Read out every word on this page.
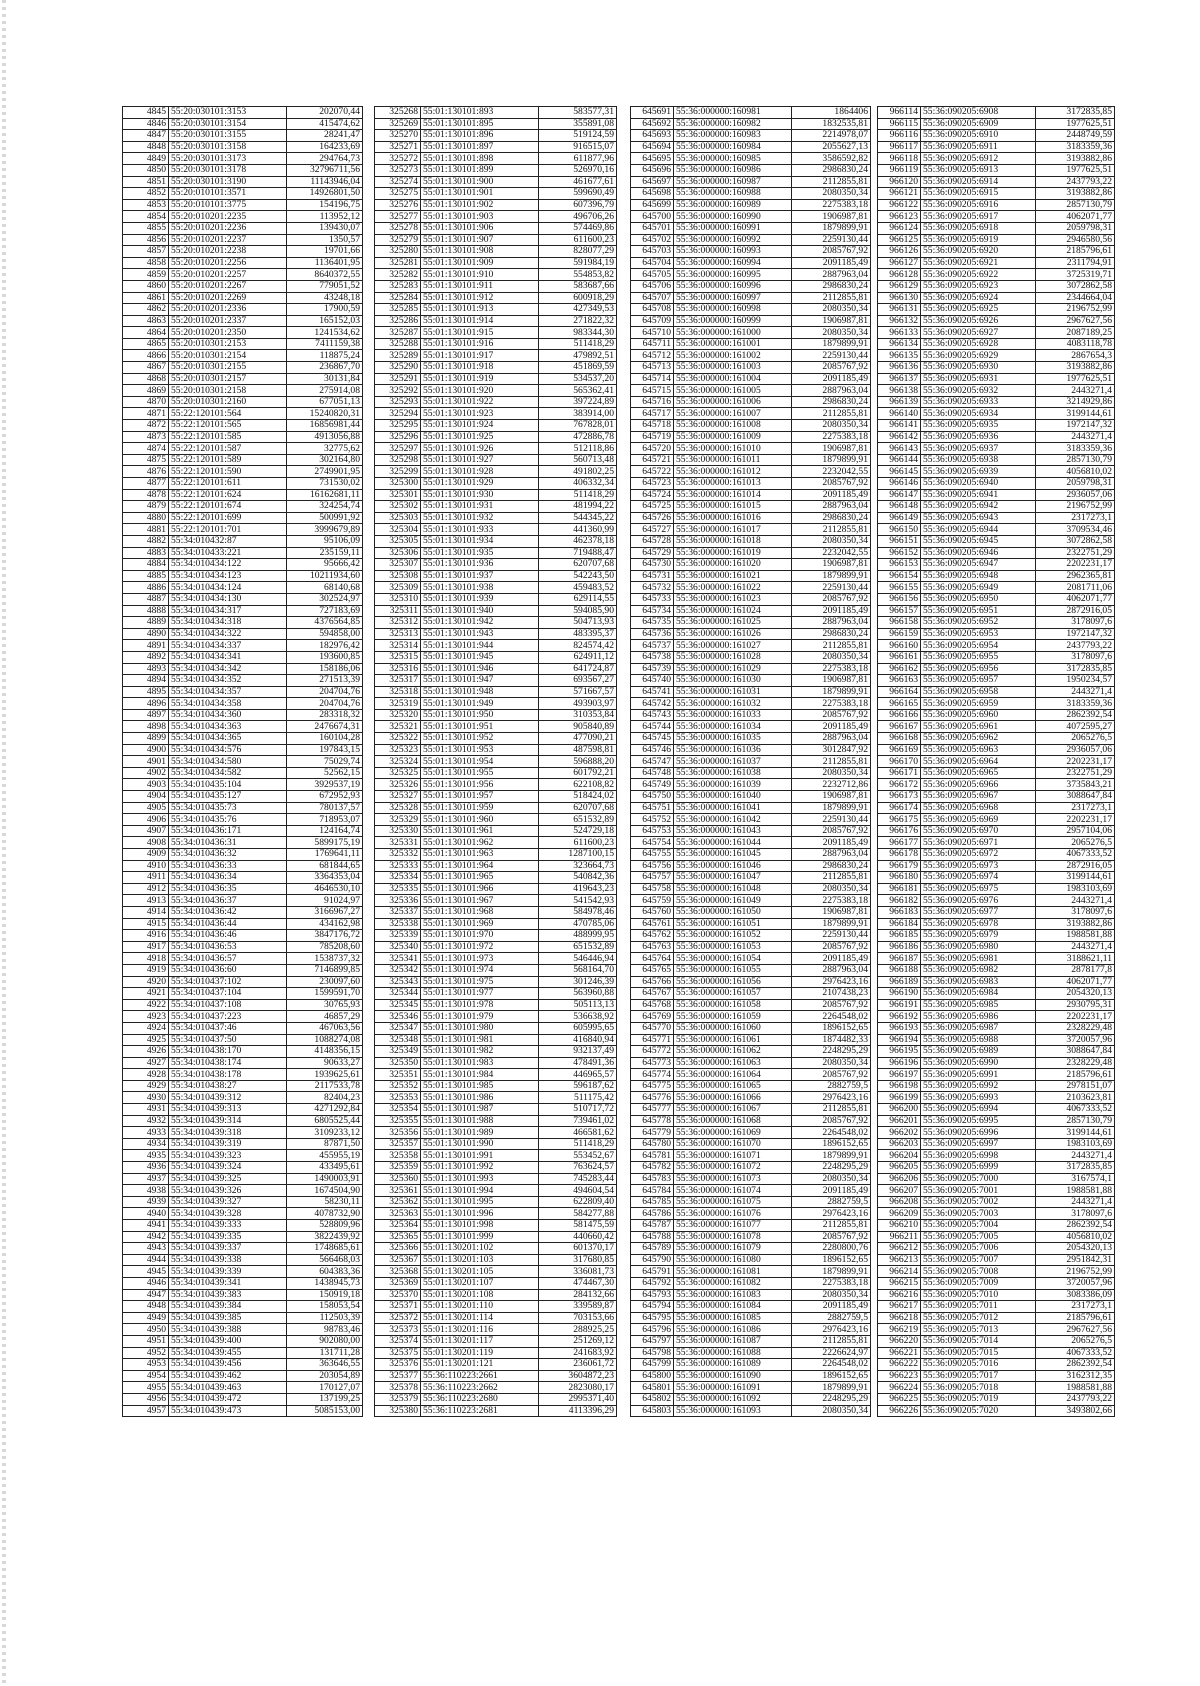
4845	55:20:030101:3153	202070,44
4846	55:20:030101:3154	415474,62
4847	55:20:030101:3155	28241,47
4848	55:20:030101:3158	164233,69
4849	55:20:030101:3173	294764,73
4850	55:20:030101:3178	32796711,56
4851	55:20:030101:3190	11143946,04
4852	55:20:010101:3571	14926801,50
4853	55:20:010101:3775	154196,75
4854	55:20:010201:2235	113952,12
4855	55:20:010201:2236	139430,07
4856	55:20:010201:2237	1350,57
4857	55:20:010201:2238	19701,66
4858	55:20:010201:2256	1136401,95
4859	55:20:010201:2257	8640372,55
4860	55:20:010201:2267	779051,52
4861	55:20:010201:2269	43248,18
4862	55:20:010201:2336	17900,59
4863	55:20:010201:2337	165152,03
4864	55:20:010201:2350	1241534,62
4865	55:20:010301:2153	7411159,38
4866	55:20:010301:2154	118875,24
4867	55:20:010301:2155	236867,70
4868	55:20:010301:2157	30131,84
4869	55:20:010301:2158	275914,08
4870	55:20:010301:2160	677051,13
4871	55:22:120101:564	15240820,31
4872	55:22:120101:565	16856981,44
4873	55:22:120101:585	4913056,88
4874	55:22:120101:587	32775,62
4875	55:22:120101:589	302164,80
4876	55:22:120101:590	2749901,95
4877	55:22:120101:611	731530,02
4878	55:22:120101:624	16162681,11
4879	55:22:120101:674	324254,74
4880	55:22:120101:699	500991,92
4881	55:22:120101:701	3999679,89
4882	55:34:010432:87	95106,09
4883	55:34:010433:221	235159,11
4884	55:34:010434:122	95666,42
4885	55:34:010434:123	10211934,60
4886	55:34:010434:124	68140,68
4887	55:34:010434:130	302524,97
4888	55:34:010434:317	727183,69
4889	55:34:010434:318	4376564,85
4890	55:34:010434:322	594858,00
4891	55:34:010434:337	182976,42
4892	55:34:010434:341	193600,85
4893	55:34:010434:342	158186,06
4894	55:34:010434:352	271513,39
4895	55:34:010434:357	204704,76
4896	55:34:010434:358	204704,76
4897	55:34:010434:360	283318,32
4898	55:34:010434:363	2476674,31
4899	55:34:010434:365	160104,28
4900	55:34:010434:576	197843,15
4901	55:34:010434:580	75029,74
4902	55:34:010434:582	52562,15
4903	55:34:010435:104	3929537,19
4904	55:34:010435:127	672952,93
4905	55:34:010435:73	780137,57
4906	55:34:010435:76	718953,07
4907	55:34:010436:171	124164,74
4908	55:34:010436:31	5899175,19
4909	55:34:010436:32	1769641,11
4910	55:34:010436:33	681844,65
4911	55:34:010436:34	3364353,04
4912	55:34:010436:35	4646530,10
4913	55:34:010436:37	91024,97
4914	55:34:010436:42	3166967,27
4915	55:34:010436:44	434162,98
4916	55:34:010436:46	3847176,72
4917	55:34:010436:53	785208,60
4918	55:34:010436:57	1538737,32
4919	55:34:010436:60	7146899,85
4920	55:34:010437:102	230097,60
4921	55:34:010437:104	1599591,70
4922	55:34:010437:108	30765,93
4923	55:34:010437:223	46857,29
4924	55:34:010437:46	467063,56
4925	55:34:010437:50	1088274,08
4926	55:34:010438:170	4148356,15
4927	55:34:010438:174	90633,27
4928	55:34:010438:178	1939625,61
4929	55:34:010438:27	2117533,78
4930	55:34:010439:312	82404,23
4931	55:34:010439:313	4271292,84
4932	55:34:010439:314	6805525,44
4933	55:34:010439:318	3109233,12
4934	55:34:010439:319	87871,50
4935	55:34:010439:323	455955,19
4936	55:34:010439:324	433495,61
4937	55:34:010439:325	1490003,91
4938	55:34:010439:326	1674504,90
4939	55:34:010439:327	58230,11
4940	55:34:010439:328	4078732,90
4941	55:34:010439:333	528809,96
4942	55:34:010439:335	3822439,92
4943	55:34:010439:337	1748685,61
4944	55:34:010439:338	566468,03
4945	55:34:010439:339	604383,36
4946	55:34:010439:341	1438945,73
4947	55:34:010439:383	150919,18
4948	55:34:010439:384	158053,54
4949	55:34:010439:385	112503,39
4950	55:34:010439:388	98783,46
4951	55:34:010439:400	902080,00
4952	55:34:010439:455	131711,28
4953	55:34:010439:456	363646,55
4954	55:34:010439:462	203054,89
4955	55:34:010439:463	170127,07
4956	55:34:010439:472	137199,25
4957	55:34:010439:473	5085153,00
325268	55:01:130101:893	583577,31
325269	55:01:130101:895	355891,08
325270	55:01:130101:896	519124,59
325271	55:01:130101:897	916515,07
325272	55:01:130101:898	611877,96
325273	55:01:130101:899	526970,16
325274	55:01:130101:900	461677,61
325275	55:01:130101:901	599690,49
325276	55:01:130101:902	607396,79
325277	55:01:130101:903	496706,26
325278	55:01:130101:906	574469,86
325279	55:01:130101:907	611600,23
325280	55:01:130101:908	828077,29
325281	55:01:130101:909	591984,19
325282	55:01:130101:910	554853,82
325283	55:01:130101:911	583687,66
325284	55:01:130101:912	600918,29
325285	55:01:130101:913	427349,53
325286	55:01:130101:914	271822,32
325287	55:01:130101:915	983344,30
325288	55:01:130101:916	511418,29
325289	55:01:130101:917	479892,51
325290	55:01:130101:918	451869,59
325291	55:01:130101:919	534537,20
325292	55:01:130101:920	565362,41
325293	55:01:130101:922	397224,89
325294	55:01:130101:923	383914,00
325295	55:01:130101:924	767828,01
325296	55:01:130101:925	472886,78
325297	55:01:130101:926	512118,86
325298	55:01:130101:927	560713,48
325299	55:01:130101:928	491802,25
325300	55:01:130101:929	406332,34
325301	55:01:130101:930	511418,29
325302	55:01:130101:931	481994,22
325303	55:01:130101:932	544345,22
325304	55:01:130101:933	441360,99
325305	55:01:130101:934	462378,18
325306	55:01:130101:935	719488,47
325307	55:01:130101:936	620707,68
325308	55:01:130101:937	542243,50
325309	55:01:130101:938	459483,52
325310	55:01:130101:939	629114,55
325311	55:01:130101:940	594085,90
325312	55:01:130101:942	504713,93
325313	55:01:130101:943	483395,37
325314	55:01:130101:944	824574,42
325315	55:01:130101:945	624911,12
325316	55:01:130101:946	641724,87
325317	55:01:130101:947	693567,27
325318	55:01:130101:948	571667,57
325319	55:01:130101:949	493903,97
325320	55:01:130101:950	310353,84
325321	55:01:130101:951	905840,89
325322	55:01:130101:952	477090,21
325323	55:01:130101:953	487598,81
325324	55:01:130101:954	596888,20
325325	55:01:130101:955	601792,21
325326	55:01:130101:956	622108,82
325327	55:01:130101:957	518424,02
325328	55:01:130101:959	620707,68
325329	55:01:130101:960	651532,89
325330	55:01:130101:961	524729,18
325331	55:01:130101:962	611600,23
325332	55:01:130101:963	1287100,15
325333	55:01:130101:964	323664,73
325334	55:01:130101:965	540842,36
325335	55:01:130101:966	419643,23
325336	55:01:130101:967	541542,93
325337	55:01:130101:968	584978,46
325338	55:01:130101:969	470785,06
325339	55:01:130101:970	488999,95
325340	55:01:130101:972	651532,89
325341	55:01:130101:973	546446,94
325342	55:01:130101:974	568164,70
325343	55:01:130101:975	301246,39
325344	55:01:130101:977	563960,88
325345	55:01:130101:978	505113,13
325346	55:01:130101:979	536638,92
325347	55:01:130101:980	605995,65
325348	55:01:130101:981	416840,94
325349	55:01:130101:982	932137,49
325350	55:01:130101:983	478491,36
325351	55:01:130101:984	446965,57
325352	55:01:130101:985	596187,62
325353	55:01:130101:986	511175,42
325354	55:01:130101:987	510717,72
325355	55:01:130101:988	739461,02
325356	55:01:130101:989	466581,62
325357	55:01:130101:990	511418,29
325358	55:01:130101:991	553452,67
325359	55:01:130101:992	763624,57
325360	55:01:130101:993	745283,44
325361	55:01:130101:994	494604,54
325362	55:01:130101:995	622809,40
325363	55:01:130101:996	584277,88
325364	55:01:130101:998	581475,59
325365	55:01:130101:999	440660,42
325366	55:01:130201:102	601370,17
325367	55:01:130201:103	317680,85
325368	55:01:130201:105	336081,73
325369	55:01:130201:107	474467,30
325370	55:01:130201:108	284132,66
325371	55:01:130201:110	339589,87
325372	55:01:130201:114	703153,66
325373	55:01:130201:116	288925,25
325374	55:01:130201:117	251269,12
325375	55:01:130201:119	241683,92
325376	55:01:130201:121	236061,72
325377	55:36:110223:2661	3604872,23
325378	55:36:110223:2662	2823080,17
325379	55:36:110223:2680	2995371,40
325380	55:36:110223:2681	4113396,29
645691	55:36:000000:160981	1864406
645692	55:36:000000:160982	1832535,81
645693	55:36:000000:160983	2214978,07
645694	55:36:000000:160984	2055627,13
645695	55:36:000000:160985	3586592,82
645696	55:36:000000:160986	2986830,24
645697	55:36:000000:160987	2112855,81
645698	55:36:000000:160988	2080350,34
645699	55:36:000000:160989	2275383,18
645700	55:36:000000:160990	1906987,81
645701	55:36:000000:160991	1879899,91
645702	55:36:000000:160992	2259130,44
645703	55:36:000000:160993	2085767,92
645704	55:36:000000:160994	2091185,49
645705	55:36:000000:160995	2887963,04
645706	55:36:000000:160996	2986830,24
645707	55:36:000000:160997	2112855,81
645708	55:36:000000:160998	2080350,34
645709	55:36:000000:160999	1906987,81
645710	55:36:000000:161000	2080350,34
645711	55:36:000000:161001	1879899,91
645712	55:36:000000:161002	2259130,44
645713	55:36:000000:161003	2085767,92
645714	55:36:000000:161004	2091185,49
645715	55:36:000000:161005	2887963,04
645716	55:36:000000:161006	2986830,24
645717	55:36:000000:161007	2112855,81
645718	55:36:000000:161008	2080350,34
645719	55:36:000000:161009	2275383,18
645720	55:36:000000:161010	1906987,81
645721	55:36:000000:161011	1879899,91
645722	55:36:000000:161012	2232042,55
645723	55:36:000000:161013	2085767,92
645724	55:36:000000:161014	2091185,49
645725	55:36:000000:161015	2887963,04
645726	55:36:000000:161016	2986830,24
645727	55:36:000000:161017	2112855,81
645728	55:36:000000:161018	2080350,34
645729	55:36:000000:161019	2232042,55
645730	55:36:000000:161020	1906987,81
645731	55:36:000000:161021	1879899,91
645732	55:36:000000:161022	2259130,44
645733	55:36:000000:161023	2085767,92
645734	55:36:000000:161024	2091185,49
645735	55:36:000000:161025	2887963,04
645736	55:36:000000:161026	2986830,24
645737	55:36:000000:161027	2112855,81
645738	55:36:000000:161028	2080350,34
645739	55:36:000000:161029	2275383,18
645740	55:36:000000:161030	1906987,81
645741	55:36:000000:161031	1879899,91
645742	55:36:000000:161032	2275383,18
645743	55:36:000000:161033	2085767,92
645744	55:36:000000:161034	2091185,49
645745	55:36:000000:161035	2887963,04
645746	55:36:000000:161036	3012847,92
645747	55:36:000000:161037	2112855,81
645748	55:36:000000:161038	2080350,34
645749	55:36:000000:161039	2232712,86
645750	55:36:000000:161040	1906987,81
645751	55:36:000000:161041	1879899,91
645752	55:36:000000:161042	2259130,44
645753	55:36:000000:161043	2085767,92
645754	55:36:000000:161044	2091185,49
645755	55:36:000000:161045	2887963,04
645756	55:36:000000:161046	2986830,24
645757	55:36:000000:161047	2112855,81
645758	55:36:000000:161048	2080350,34
645759	55:36:000000:161049	2275383,18
645760	55:36:000000:161050	1906987,81
645761	55:36:000000:161051	1879899,91
645762	55:36:000000:161052	2259130,44
645763	55:36:000000:161053	2085767,92
645764	55:36:000000:161054	2091185,49
645765	55:36:000000:161055	2887963,04
645766	55:36:000000:161056	2976423,16
645767	55:36:000000:161057	2107438,23
645768	55:36:000000:161058	2085767,92
645769	55:36:000000:161059	2264548,02
645770	55:36:000000:161060	1896152,65
645771	55:36:000000:161061	1874482,33
645772	55:36:000000:161062	2248295,29
645773	55:36:000000:161063	2080350,34
645774	55:36:000000:161064	2085767,92
645775	55:36:000000:161065	2882759,5
645776	55:36:000000:161066	2976423,16
645777	55:36:000000:161067	2112855,81
645778	55:36:000000:161068	2085767,92
645779	55:36:000000:161069	2264548,02
645780	55:36:000000:161070	1896152,65
645781	55:36:000000:161071	1879899,91
645782	55:36:000000:161072	2248295,29
645783	55:36:000000:161073	2080350,34
645784	55:36:000000:161074	2091185,49
645785	55:36:000000:161075	2882759,5
645786	55:36:000000:161076	2976423,16
645787	55:36:000000:161077	2112855,81
645788	55:36:000000:161078	2085767,92
645789	55:36:000000:161079	2280800,76
645790	55:36:000000:161080	1896152,65
645791	55:36:000000:161081	1879899,91
645792	55:36:000000:161082	2275383,18
645793	55:36:000000:161083	2080350,34
645794	55:36:000000:161084	2091185,49
645795	55:36:000000:161085	2882759,5
645796	55:36:000000:161086	2976423,16
645797	55:36:000000:161087	2112855,81
645798	55:36:000000:161088	2226624,97
645799	55:36:000000:161089	2264548,02
645800	55:36:000000:161090	1896152,65
645801	55:36:000000:161091	1879899,91
645802	55:36:000000:161092	2248295,29
645803	55:36:000000:161093	2080350,34
966114	55:36:090205:6908	3172835,85
966115	55:36:090205:6909	1977625,51
966116	55:36:090205:6910	2448749,59
966117	55:36:090205:6911	3183359,36
966118	55:36:090205:6912	3193882,86
966119	55:36:090205:6913	1977625,51
966120	55:36:090205:6914	2437793,22
966121	55:36:090205:6915	3193882,86
966122	55:36:090205:6916	2857130,79
966123	55:36:090205:6917	4062071,77
966124	55:36:090205:6918	2059798,31
966125	55:36:090205:6919	2946580,56
966126	55:36:090205:6920	2185796,61
966127	55:36:090205:6921	2311794,91
966128	55:36:090205:6922	3725319,71
966129	55:36:090205:6923	3072862,58
966130	55:36:090205:6924	2344664,04
966131	55:36:090205:6925	2196752,99
966132	55:36:090205:6926	2967627,56
966133	55:36:090205:6927	2087189,25
966134	55:36:090205:6928	4083118,78
966135	55:36:090205:6929	2867654,3
966136	55:36:090205:6930	3193882,86
966137	55:36:090205:6931	1977625,51
966138	55:36:090205:6932	2443271,4
966139	55:36:090205:6933	3214929,86
966140	55:36:090205:6934	3199144,61
966141	55:36:090205:6935	1972147,32
966142	55:36:090205:6936	2443271,4
966143	55:36:090205:6937	3183359,36
966144	55:36:090205:6938	2857130,79
966145	55:36:090205:6939	4056810,02
966146	55:36:090205:6940	2059798,31
966147	55:36:090205:6941	2936057,06
966148	55:36:090205:6942	2196752,99
966149	55:36:090205:6943	2317273,1
966150	55:36:090205:6944	3709534,46
966151	55:36:090205:6945	3072862,58
966152	55:36:090205:6946	2322751,29
966153	55:36:090205:6947	2202231,17
966154	55:36:090205:6948	2962365,81
966155	55:36:090205:6949	2081711,06
966156	55:36:090205:6950	4062071,77
966157	55:36:090205:6951	2872916,05
966158	55:36:090205:6952	3178097,6
966159	55:36:090205:6953	1972147,32
966160	55:36:090205:6954	2437793,22
966161	55:36:090205:6955	3178097,6
966162	55:36:090205:6956	3172835,85
966163	55:36:090205:6957	1950234,57
966164	55:36:090205:6958	2443271,4
966165	55:36:090205:6959	3183359,36
966166	55:36:090205:6960	2862392,54
966167	55:36:090205:6961	4072595,27
966168	55:36:090205:6962	2065276,5
966169	55:36:090205:6963	2936057,06
966170	55:36:090205:6964	2202231,17
966171	55:36:090205:6965	2322751,29
966172	55:36:090205:6966	3735843,21
966173	55:36:090205:6967	3088647,84
966174	55:36:090205:6968	2317273,1
966175	55:36:090205:6969	2202231,17
966176	55:36:090205:6970	2957104,06
966177	55:36:090205:6971	2065276,5
966178	55:36:090205:6972	4067333,52
966179	55:36:090205:6973	2872916,05
966180	55:36:090205:6974	3199144,61
966181	55:36:090205:6975	1983103,69
966182	55:36:090205:6976	2443271,4
966183	55:36:090205:6977	3178097,6
966184	55:36:090205:6978	3193882,86
966185	55:36:090205:6979	1988581,88
966186	55:36:090205:6980	2443271,4
966187	55:36:090205:6981	3188621,11
966188	55:36:090205:6982	2878177,8
966189	55:36:090205:6983	4062071,77
966190	55:36:090205:6984	2054320,13
966191	55:36:090205:6985	2930795,31
966192	55:36:090205:6986	2202231,17
966193	55:36:090205:6987	2328229,48
966194	55:36:090205:6988	3720057,96
966195	55:36:090205:6989	3088647,84
966196	55:36:090205:6990	2328229,48
966197	55:36:090205:6991	2185796,61
966198	55:36:090205:6992	2978151,07
966199	55:36:090205:6993	2103623,81
966200	55:36:090205:6994	4067333,52
966201	55:36:090205:6995	2857130,79
966202	55:36:090205:6996	3199144,61
966203	55:36:090205:6997	1983103,69
966204	55:36:090205:6998	2443271,4
966205	55:36:090205:6999	3172835,85
966206	55:36:090205:7000	3167574,1
966207	55:36:090205:7001	1988581,88
966208	55:36:090205:7002	2443271,4
966209	55:36:090205:7003	3178097,6
966210	55:36:090205:7004	2862392,54
966211	55:36:090205:7005	4056810,02
966212	55:36:090205:7006	2054320,13
966213	55:36:090205:7007	2951842,31
966214	55:36:090205:7008	2196752,99
966215	55:36:090205:7009	3720057,96
966216	55:36:090205:7010	3083386,09
966217	55:36:090205:7011	2317273,1
966218	55:36:090205:7012	2185796,61
966219	55:36:090205:7013	2967627,56
966220	55:36:090205:7014	2065276,5
966221	55:36:090205:7015	4067333,52
966222	55:36:090205:7016	2862392,54
966223	55:36:090205:7017	3162312,35
966224	55:36:090205:7018	1988581,88
966225	55:36:090205:7019	2437793,22
966226	55:36:090205:7020	3493802,66
